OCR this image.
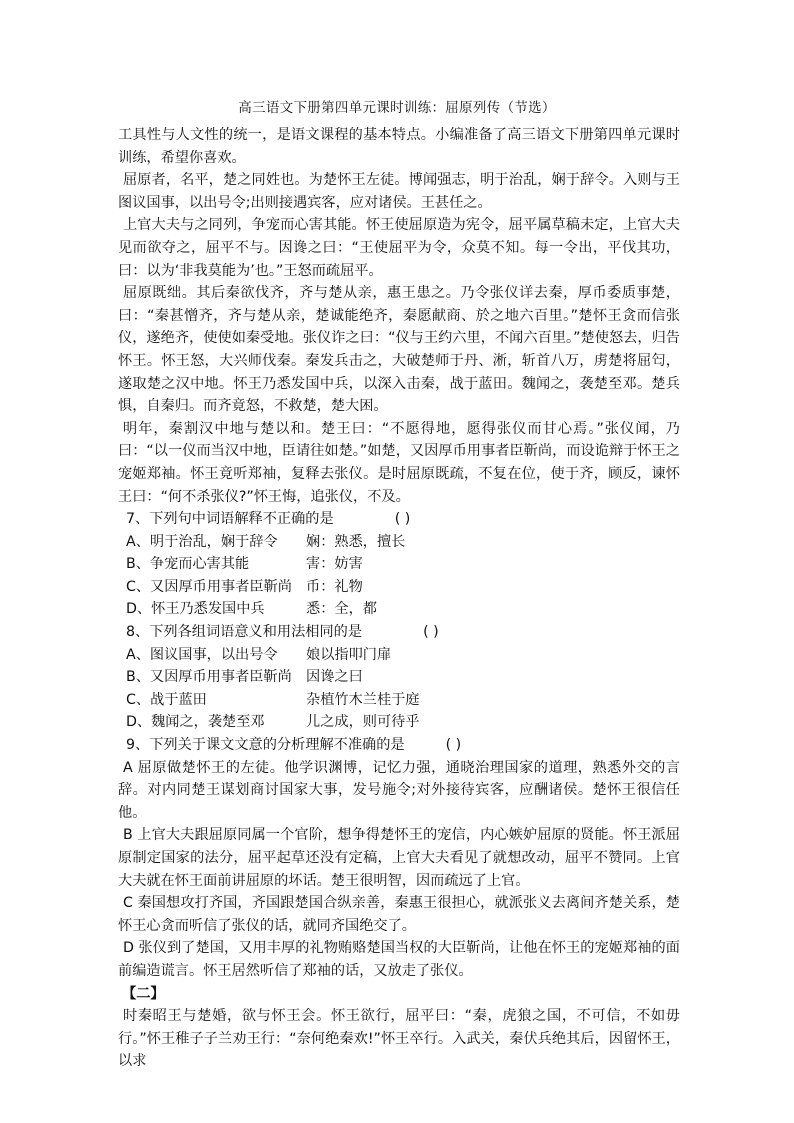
高三语文下册第四单元课时训练：屈原列传（节选）

工具性与人文性的统一，是语文课程的基本特点。小编准备了高三语文下册第四单元课时训练，希望你喜欢。

屈原者，名平，楚之同姓也。为楚怀王左徒。博闻强志，明于治乱，娴于辞令。入则与王图议国事，以出号令;出则接遇宾客，应对诸侯。王甚任之。

上官大夫与之同列，争宠而心害其能。怀王使屈原造为宪令，屈平属草稿未定，上官大夫见而欲夺之，屈平不与。因谗之曰：“王使屈平为令，众莫不知。每一令出，平伐其功，曰：以为‘非我莫能为’也。”王怒而疏屈平。

屈原既绌。其后秦欲伐齐，齐与楚从亲，惠王患之。乃令张仪详去秦，厚币委质事楚，曰：“秦甚憎齐，齐与楚从亲，楚诚能绝齐，秦愿献商、於之地六百里。”楚怀王贪而信张仪，遂绝齐，使使如秦受地。张仪诈之曰：“仪与王约六里，不闻六百里。”楚使怒去，归告怀王。怀王怒，大兴师伐秦。秦发兵击之，大破楚师于丹、淅，斩首八万，虏楚将屈匄，遂取楚之汉中地。怀王乃悉发国中兵，以深入击秦，战于蓝田。魏闻之，袭楚至邓。楚兵惧，自秦归。而齐竟怒，不救楚，楚大困。

明年，秦割汉中地与楚以和。楚王曰：“不愿得地，愿得张仪而甘心焉。”张仪闻，乃曰：“以一仪而当汉中地，臣请往如楚。”如楚，又因厚币用事者臣靳尚，而设诡辩于怀王之宠姬郑袖。怀王竟听郑袖，复释去张仪。是时屈原既疏，不复在位，使于齐，顾反，谏怀王曰：“何不杀张仪?”怀王悔，追张仪，不及。

7、下列句中词语解释不正确的是	( )

A、明于治乱，娴于辞令	娴：熟悉，擅长
B、争宠而心害其能	害：妨害
C、又因厚币用事者臣靳尚 币：礼物
D、怀王乃悉发国中兵	悉：全，都

8、下列各组词语意义和用法相同的是	( )

A、图议国事，以出号令	娘以指叩门扉
B、又因厚币用事者臣靳尚	因谗之曰
C、战于蓝田	杂植竹木兰桂于庭
D、魏闻之，袭楚至邓	儿之成，则可待乎

9、下列关于课文文意的分析理解不准确的是	( )

A 屈原做楚怀王的左徒。他学识渊博，记忆力强，通晓治理国家的道理，熟悉外交的言辞。对内同楚王谋划商讨国家大事，发号施令;对外接待宾客，应酬诸侯。楚怀王很信任他。

B 上官大夫跟屈原同属一个官阶，想争得楚怀王的宠信，内心嫉妒屈原的贤能。怀王派屈原制定国家的法分，屈平起草还没有定稿，上官大夫看见了就想改动，屈平不赞同。上官大夫就在怀王面前讲屈原的坏话。楚王很明智，因而疏远了上官。

C 秦国想攻打齐国，齐国跟楚国合纵亲善，秦惠王很担心，就派张义去离间齐楚关系，楚怀王心贪而听信了张仪的话，就同齐国绝交了。

D 张仪到了楚国，又用丰厚的礼物贿赂楚国当权的大臣靳尚，让他在怀王的宠姬郑袖的面前编造谎言。怀王居然听信了郑袖的话，又放走了张仪。

【二】

时秦昭王与楚婚，欲与怀王会。怀王欲行，屈平曰：“秦，虎狼之国，不可信，不如毋行。”怀王稚子子兰劝王行：“奈何绝秦欢!”怀王卒行。入武关，秦伏兵绝其后，因留怀王，以求
